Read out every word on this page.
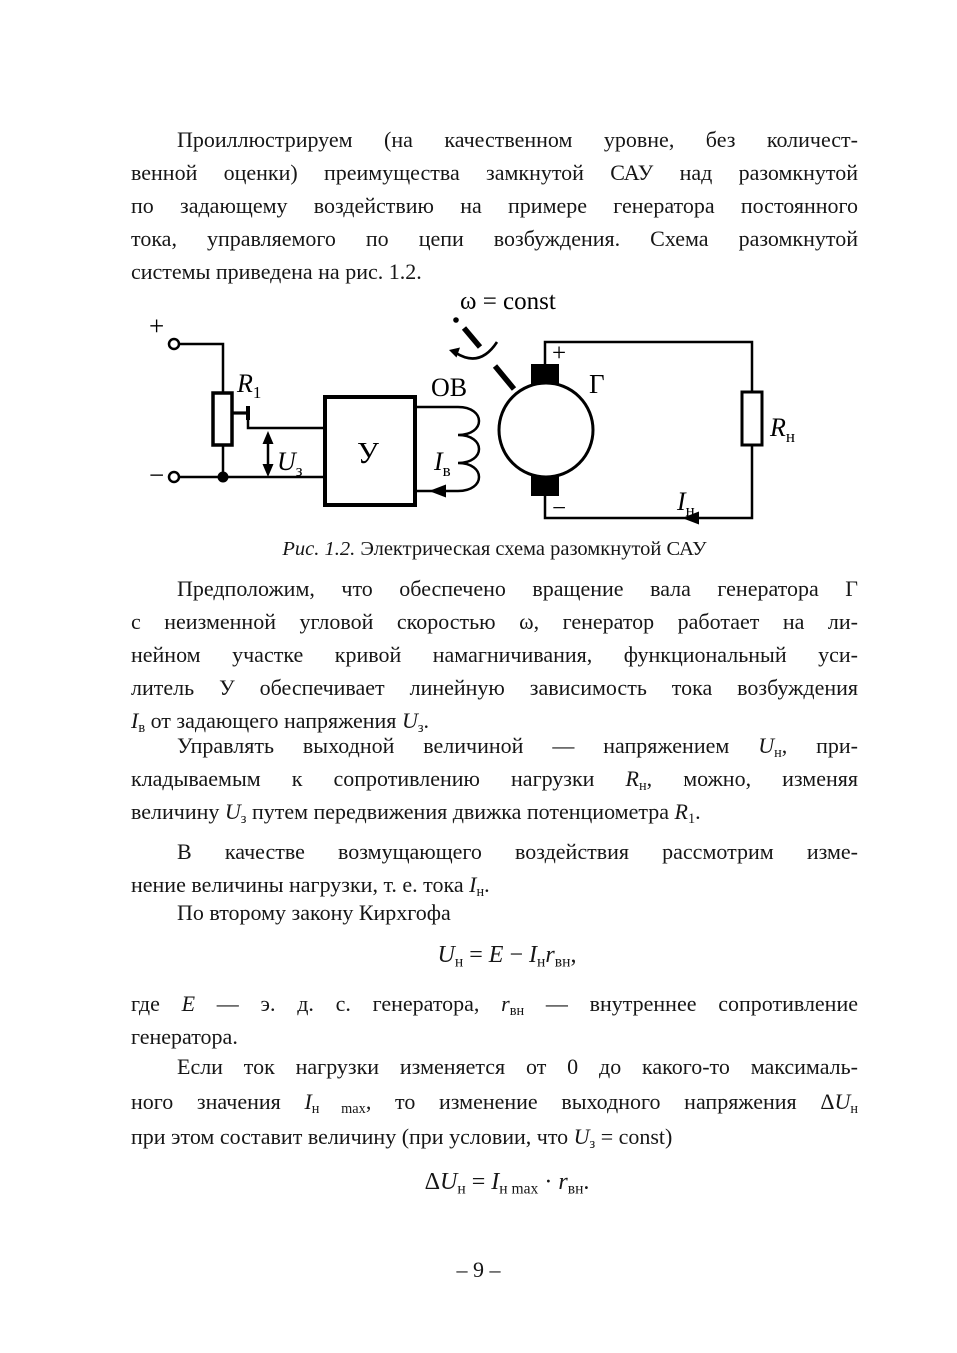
Проиллюстрируем (на качественном уровне, без количест-
венной оценки) преимущества замкнутой САУ над разомкнутой
по задающему воздействию на примере генератора постоянного
тока, управляемого по цепи возбуждения. Схема разомкнутой
системы приведена на рис. 1.2.
ω = const
+
−
$R_1$
$U_з$
У
ОВ
$I_в$
+
−
Г
$R_н$
$I_н$
Рис. 1.2. Электрическая схема разомкнутой САУ
Предположим, что обеспечено вращение вала генератора Г
с неизменной угловой скоростью ω, генератор работает на ли-
нейном участке кривой намагничивания, функциональный уси-
литель У обеспечивает линейную зависимость тока возбуждения
Iв от задающего напряжения Uз.
Управлять выходной величиной — напряжением Uн, при-
кладываемым к сопротивлению нагрузки Rн, можно, изменяя
величину Uз путем передвижения движка потенциометра R1.
В качестве возмущающего воздействия рассмотрим изме-
нение величины нагрузки, т. е. тока Iн.
По второму закону Кирхгофа
Uн = E − Iнrвн,
где E — э. д. с. генератора, rвн — внутреннее сопротивление
генератора.
Если ток нагрузки изменяется от 0 до какого-то максималь-
ного значения Iн max, то изменение выходного напряжения ΔUн
при этом составит величину (при условии, что Uз = const)
ΔUн = Iн max · rвн.
– 9 –
